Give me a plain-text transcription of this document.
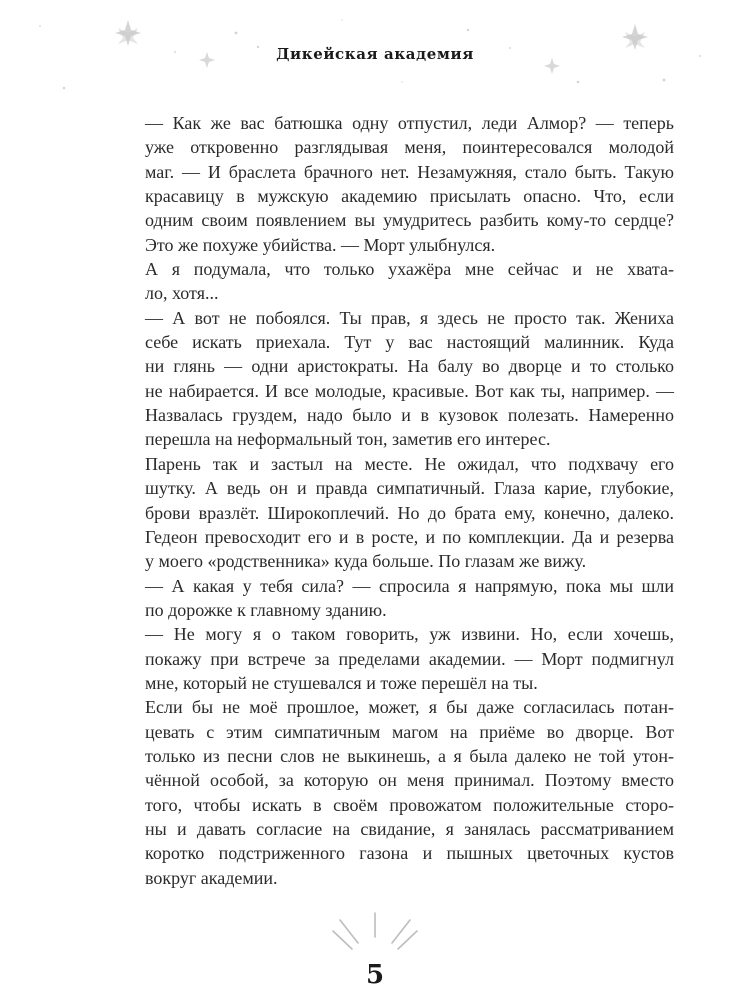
Дикейская академия
— Как же вас батюшка одну отпустил, леди Алмор? — теперь
уже откровенно разглядывая меня, поинтересовался молодой
маг. — И браслета брачного нет. Незамужняя, стало быть. Такую
красавицу в мужскую академию присылать опасно. Что, если
одним своим появлением вы умудритесь разбить кому-то сердце?
Это же похуже убийства. — Морт улыбнулся.
А я подумала, что только ухажёра мне сейчас и не хвата-
ло, хотя...
— А вот не побоялся. Ты прав, я здесь не просто так. Жениха
себе искать приехала. Тут у вас настоящий малинник. Куда
ни глянь — одни аристократы. На балу во дворце и то столько
не набирается. И все молодые, красивые. Вот как ты, например. —
Назвалась груздем, надо было и в кузовок полезать. Намеренно
перешла на неформальный тон, заметив его интерес.
Парень так и застыл на месте. Не ожидал, что подхвачу его
шутку. А ведь он и правда симпатичный. Глаза карие, глубокие,
брови вразлёт. Широкоплечий. Но до брата ему, конечно, далеко.
Гедеон превосходит его и в росте, и по комплекции. Да и резерва
у моего «родственника» куда больше. По глазам же вижу.
— А какая у тебя сила? — спросила я напрямую, пока мы шли
по дорожке к главному зданию.
— Не могу я о таком говорить, уж извини. Но, если хочешь,
покажу при встрече за пределами академии. — Морт подмигнул
мне, который не стушевался и тоже перешёл на ты.
Если бы не моё прошлое, может, я бы даже согласилась потан-
цевать с этим симпатичным магом на приёме во дворце. Вот
только из песни слов не выкинешь, а я была далеко не той утон-
чённой особой, за которую он меня принимал. Поэтому вместо
того, чтобы искать в своём провожатом положительные сторо-
ны и давать согласие на свидание, я занялась рассматриванием
коротко подстриженного газона и пышных цветочных кустов
вокруг академии.
5
